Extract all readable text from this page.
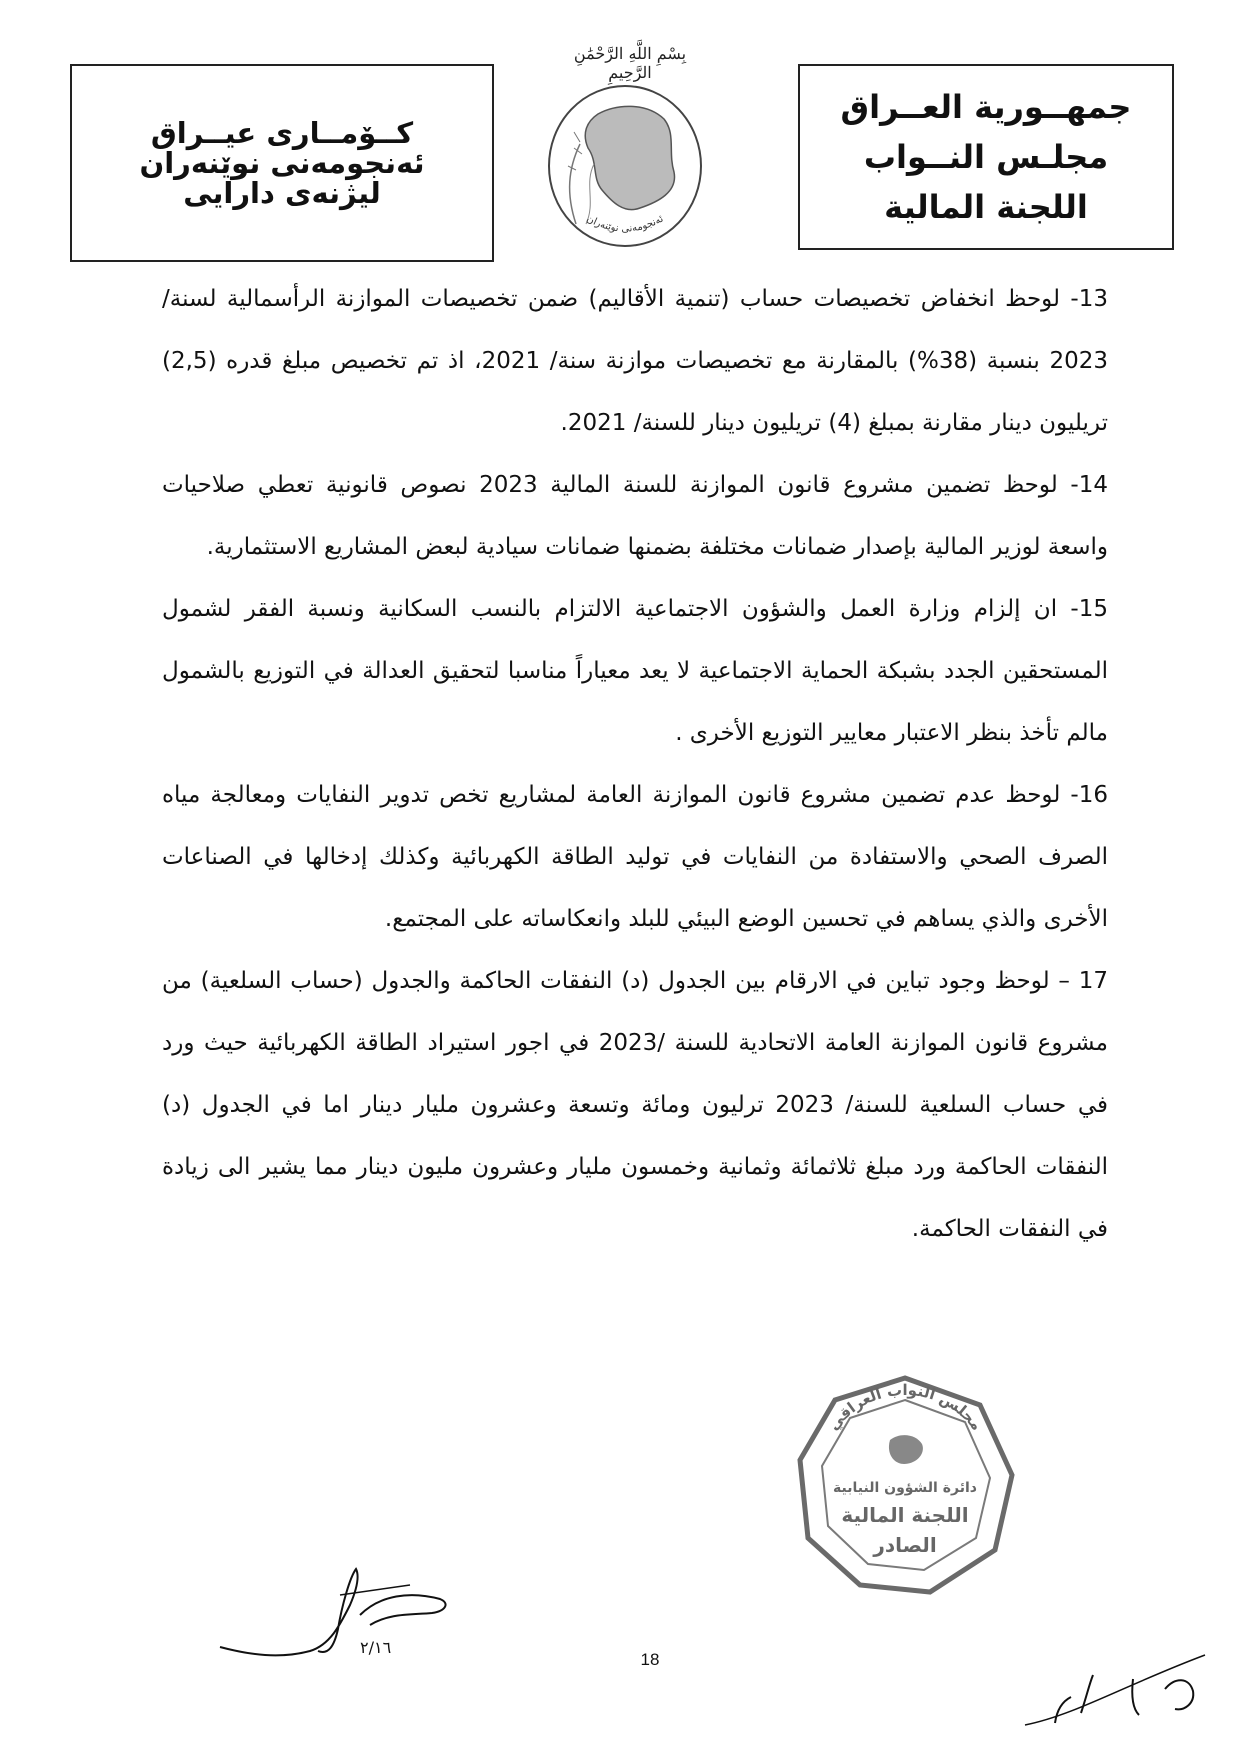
کــۆمــاری عیــراق
ئەنجومەنی نوێنەران
لیژنەی دارایی
بِسْمِ اللَّهِ الرَّحْمَٰنِ الرَّحِيمِ
ئەنجومەنی نوێنەران
جمهــورية العــراق
مجلـس النــواب
اللجنة المالية

13- لوحظ انخفاض تخصيصات حساب (تنمية الأقاليم) ضمن تخصيصات الموازنة الرأسمالية لسنة/ 2023 بنسبة (38%) بالمقارنة مع تخصيصات موازنة سنة/ 2021، اذ تم تخصيص مبلغ قدره (2,5) تريليون دينار مقارنة بمبلغ (4) تريليون دينار للسنة/ 2021.

14- لوحظ تضمين مشروع قانون الموازنة للسنة المالية 2023 نصوص قانونية تعطي صلاحيات واسعة لوزير المالية بإصدار ضمانات مختلفة بضمنها ضمانات سيادية لبعض المشاريع الاستثمارية.

15- ان إلزام وزارة العمل والشؤون الاجتماعية الالتزام بالنسب السكانية ونسبة الفقر لشمول المستحقين الجدد بشبكة الحماية الاجتماعية لا يعد معياراً مناسبا لتحقيق العدالة في التوزيع بالشمول مالم تأخذ بنظر الاعتبار معايير التوزيع الأخرى .

16- لوحظ عدم تضمين مشروع قانون الموازنة العامة لمشاريع تخص تدوير النفايات ومعالجة مياه الصرف الصحي والاستفادة من النفايات في توليد الطاقة الكهربائية وكذلك إدخالها في الصناعات الأخرى والذي يساهم في تحسين الوضع البيئي للبلد وانعكاساته على المجتمع.

17 – لوحظ وجود تباين في الارقام بين الجدول (د) النفقات الحاكمة والجدول (حساب السلعية) من مشروع قانون الموازنة العامة الاتحادية للسنة /2023 في اجور استيراد الطاقة الكهربائية حيث ورد في حساب السلعية للسنة/ 2023 ترليون ومائة وتسعة وعشرون مليار دينار اما في الجدول (د) النفقات الحاكمة ورد مبلغ ثلاثمائة وثمانية وخمسون مليار وعشرون مليون دينار مما يشير الى زيادة في النفقات الحاكمة.

مجلس النواب العراقي
دائرة الشؤون النيابية
اللجنة المالية
الصادر
٢/١٦
18
